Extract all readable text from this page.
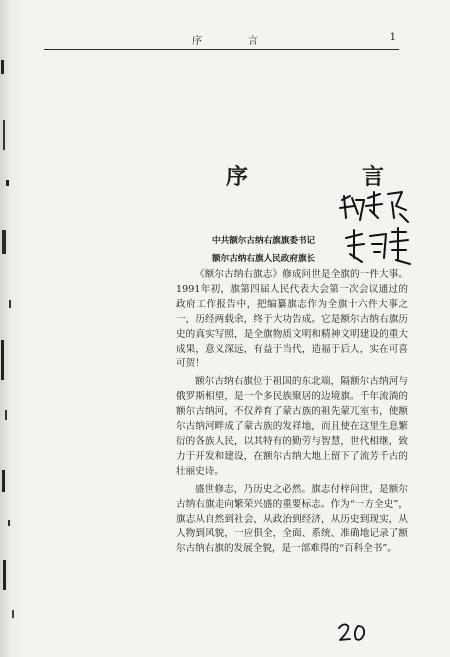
序　言	1
序　言
中共额尔古纳右旗旗委书记
额尔古纳右旗人民政府旗长

《额尔古纳右旗志》修成问世是全旗的一件大事。1991年初，旗第四届人民代表大会第一次会议通过的政府工作报告中，把编纂旗志作为全旗十六件大事之一，历经两载余，终于大功告成。它是额尔古纳右旗历史的真实写照，是全旗物质文明和精神文明建设的重大成果，意义深远，有益于当代，造福于后人，实在可喜可贺！

额尔古纳右旗位于祖国的东北端，隔额尔古纳河与俄罗斯相望，是一个多民族聚居的边境旗。千年流淌的额尔古纳河，不仅养育了蒙古族的祖先蒙兀室韦，使额尔古纳河畔成了蒙古族的发祥地，而且使在这里生息繁衍的各族人民，以其特有的勤劳与智慧，世代相继，致力于开发和建设，在额尔古纳大地上留下了流芳千古的壮丽史诗。

盛世修志，乃历史之必然。旗志付梓问世，是额尔古纳右旗走向繁荣兴盛的重要标志。作为“一方全史”，旗志从自然到社会，从政治到经济，从历史到现实，从人物到风貌，一应俱全，全面、系统、准确地记录了额尔古纳右旗的发展全貌，是一部难得的“百科全书”。
